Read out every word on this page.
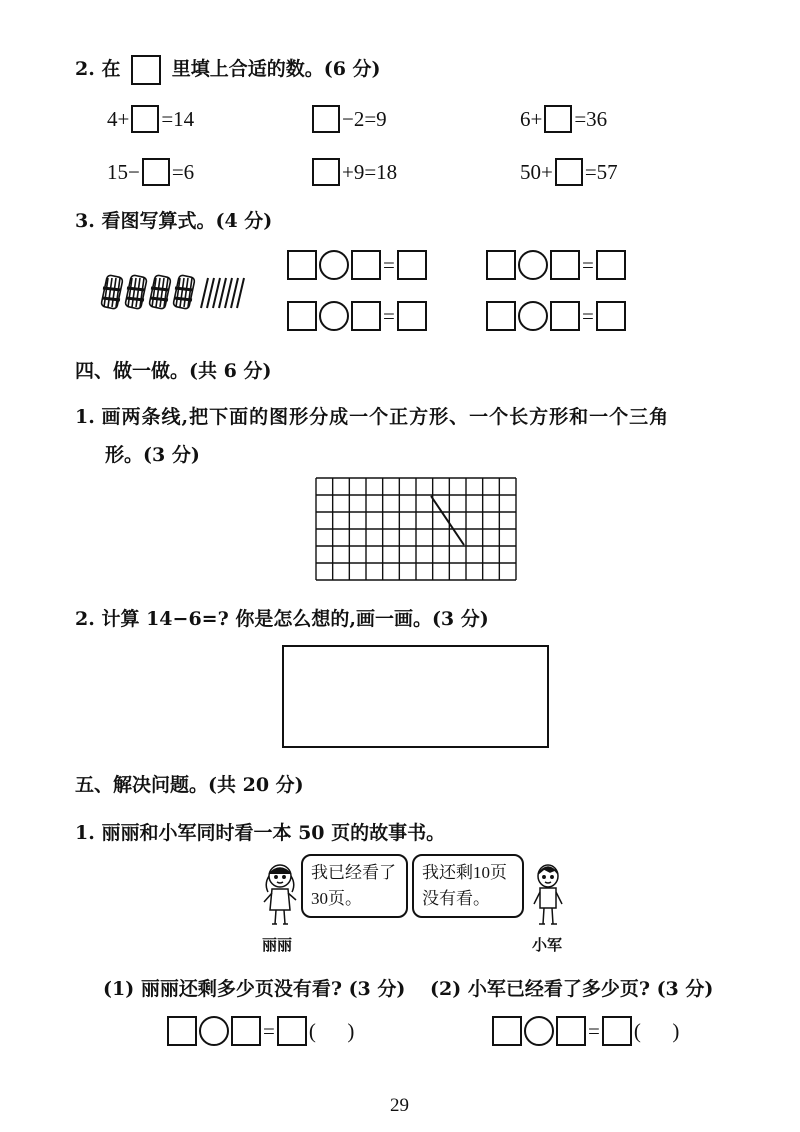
2. 在	里填上合适的数。(6 分)
4+ =14	−2=9	6+ =36
15− =6	+9=18	50+ =57
3. 看图写算式。(4 分)
=	=
=	=
四、做一做。(共 6 分)
1. 画两条线,把下面的图形分成一个正方形、一个长方形和一个三角
形。(3 分)
2. 计算 14−6=? 你是怎么想的,画一画。(3 分)
五、解决问题。(共 20 分)
1. 丽丽和小军同时看一本 50 页的故事书。
丽丽
我已经看了
30页。
我还剩10页
没有看。
小军
(1) 丽丽还剩多少页没有看? (3 分) (2) 小军已经看了多少页? (3 分)
= (      )	= (      )
29
